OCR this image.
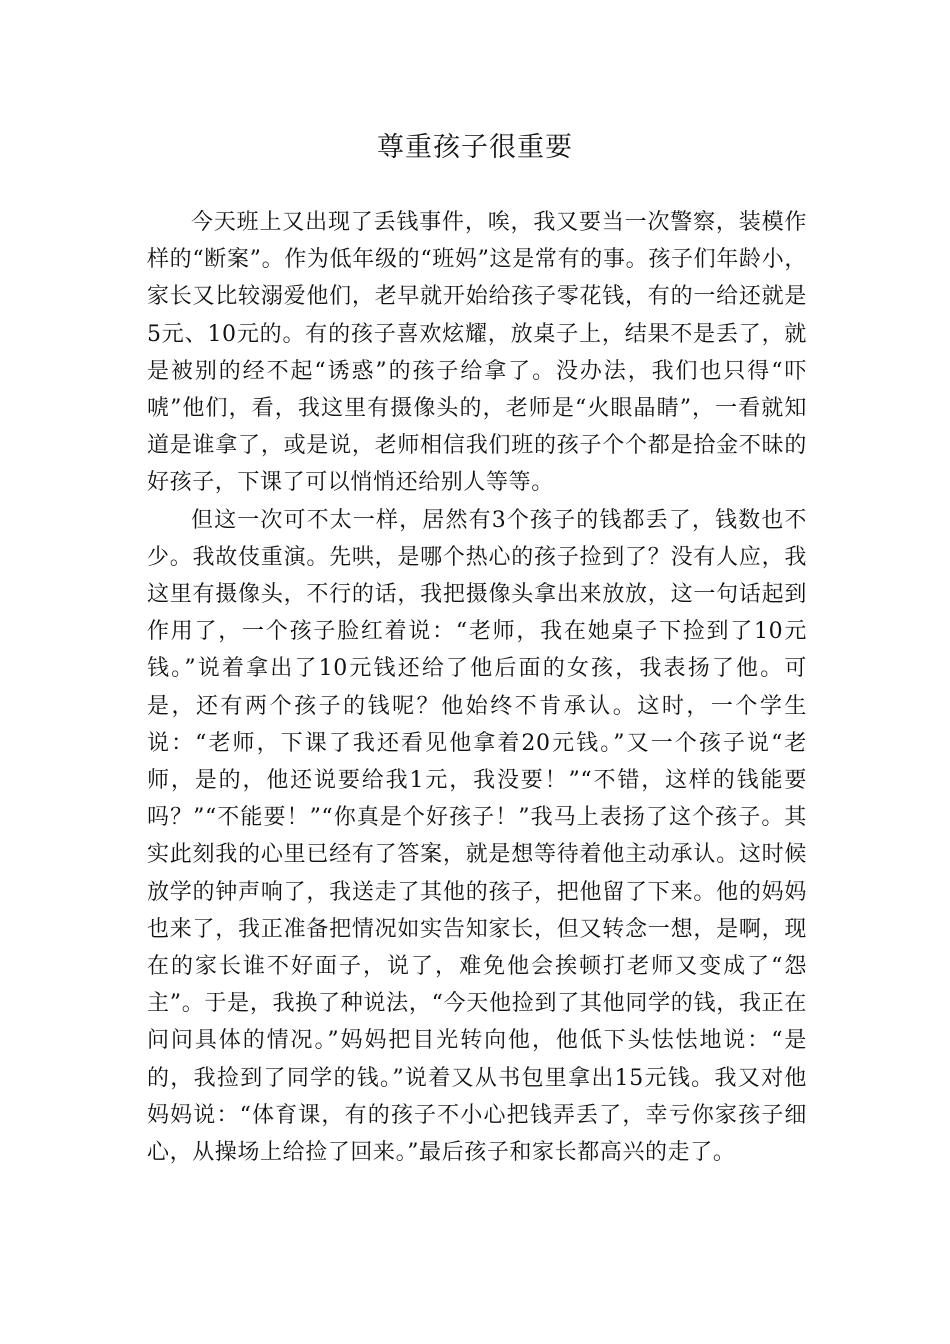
尊重孩子很重要

今天班上又出现了丢钱事件，唉，我又要当一次警察，装模作样的“断案”。作为低年级的“班妈”这是常有的事。孩子们年龄小，家长又比较溺爱他们，老早就开始给孩子零花钱，有的一给还就是5元、10元的。有的孩子喜欢炫耀，放桌子上，结果不是丢了，就是被别的经不起“诱惑”的孩子给拿了。没办法，我们也只得“吓唬”他们，看，我这里有摄像头的，老师是“火眼晶睛”，一看就知道是谁拿了，或是说，老师相信我们班的孩子个个都是拾金不昧的好孩子，下课了可以悄悄还给别人等等。

但这一次可不太一样，居然有3个孩子的钱都丢了，钱数也不少。我故伎重演。先哄，是哪个热心的孩子捡到了？没有人应，我这里有摄像头，不行的话，我把摄像头拿出来放放，这一句话起到作用了，一个孩子脸红着说：“老师，我在她桌子下捡到了10元钱。”说着拿出了10元钱还给了他后面的女孩，我表扬了他。可是，还有两个孩子的钱呢？他始终不肯承认。这时，一个学生说：“老师，下课了我还看见他拿着20元钱。”又一个孩子说“老师，是的，他还说要给我1元，我没要！”“不错，这样的钱能要吗？”“不能要！”“你真是个好孩子！”我马上表扬了这个孩子。其实此刻我的心里已经有了答案，就是想等待着他主动承认。这时候放学的钟声响了，我送走了其他的孩子，把他留了下来。他的妈妈也来了，我正准备把情况如实告知家长，但又转念一想，是啊，现在的家长谁不好面子，说了，难免他会挨顿打老师又变成了“怨主”。于是，我换了种说法，“今天他捡到了其他同学的钱，我正在问问具体的情况。”妈妈把目光转向他，他低下头怯怯地说：“是的，我捡到了同学的钱。”说着又从书包里拿出15元钱。我又对他妈妈说：“体育课，有的孩子不小心把钱弄丢了，幸亏你家孩子细心，从操场上给捡了回来。”最后孩子和家长都高兴的走了。
